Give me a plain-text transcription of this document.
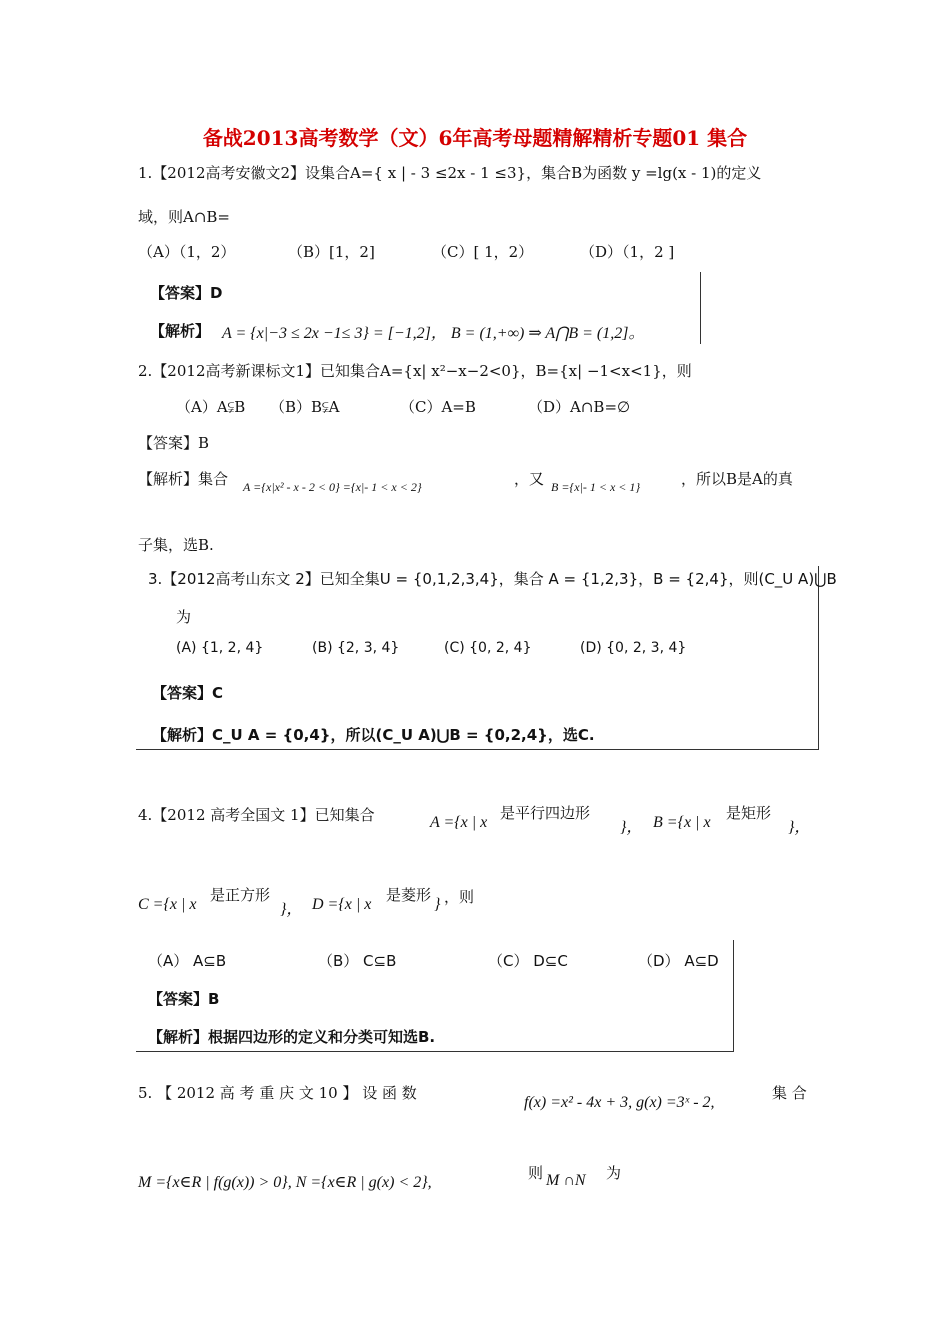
备战2013高考数学（文）6年高考母题精解精析专题01 集合
1.【2012高考安徽文2】设集合A={ x | - 3 ≤2x - 1 ≤3}，集合B为函数 y =lg(x - 1)的定义
域，则A∩B=
（A）（1，2）	（B）[1，2]	（C）[ 1，2）	（D）（1，2 ]
【答案】D
【解析】 A = {x|−3 ≤ 2x −1≤ 3} = [−1,2]， B = (1,+∞) ⇒ A⋂B = (1,2]。
2.【2012高考新课标文1】已知集合A={x| x²−x−2<0}，B={x| −1<x<1}，则
（A）A⫋B （B）B⫋A	（C）A=B	（D）A∩B=∅
【答案】B
【解析】集合 A ={x|x² - x - 2 < 0} ={x|- 1 < x < 2}	，又 B ={x|- 1 < x < 1}	，所以B是A的真
子集，选B.
3.【2012高考山东文 2】已知全集U = {0,1,2,3,4}，集合 A = {1,2,3}，B = {2,4}，则(C_U A)⋃B
为
(A) {1, 2, 4}	(B) {2, 3, 4}	(C) {0, 2, 4}	(D) {0, 2, 3, 4}
【答案】C
【解析】C_U A = {0,4}，所以(C_U A)⋃B = {0,2,4}，选C.
4.【2012 高考全国文 1】已知集合	A ={x | x
是平行四边形
}， B ={x | x
是矩形
}，
C ={x | x
是正方形
}， D ={x | x
是菱形
} ，则
（A） A⊆B	（B） C⊆B	（C） D⊆C	（D） A⊆D
【答案】B
【解析】根据四边形的定义和分类可知选B.
5. 【 2012 高 考 重 庆 文 10 】 设 函 数
f(x) =x² - 4x + 3, g(x) =3ˣ - 2,
集 合
M ={x∈R | f(g(x)) > 0}, N ={x∈R | g(x) < 2},
则 M ∩N 为
